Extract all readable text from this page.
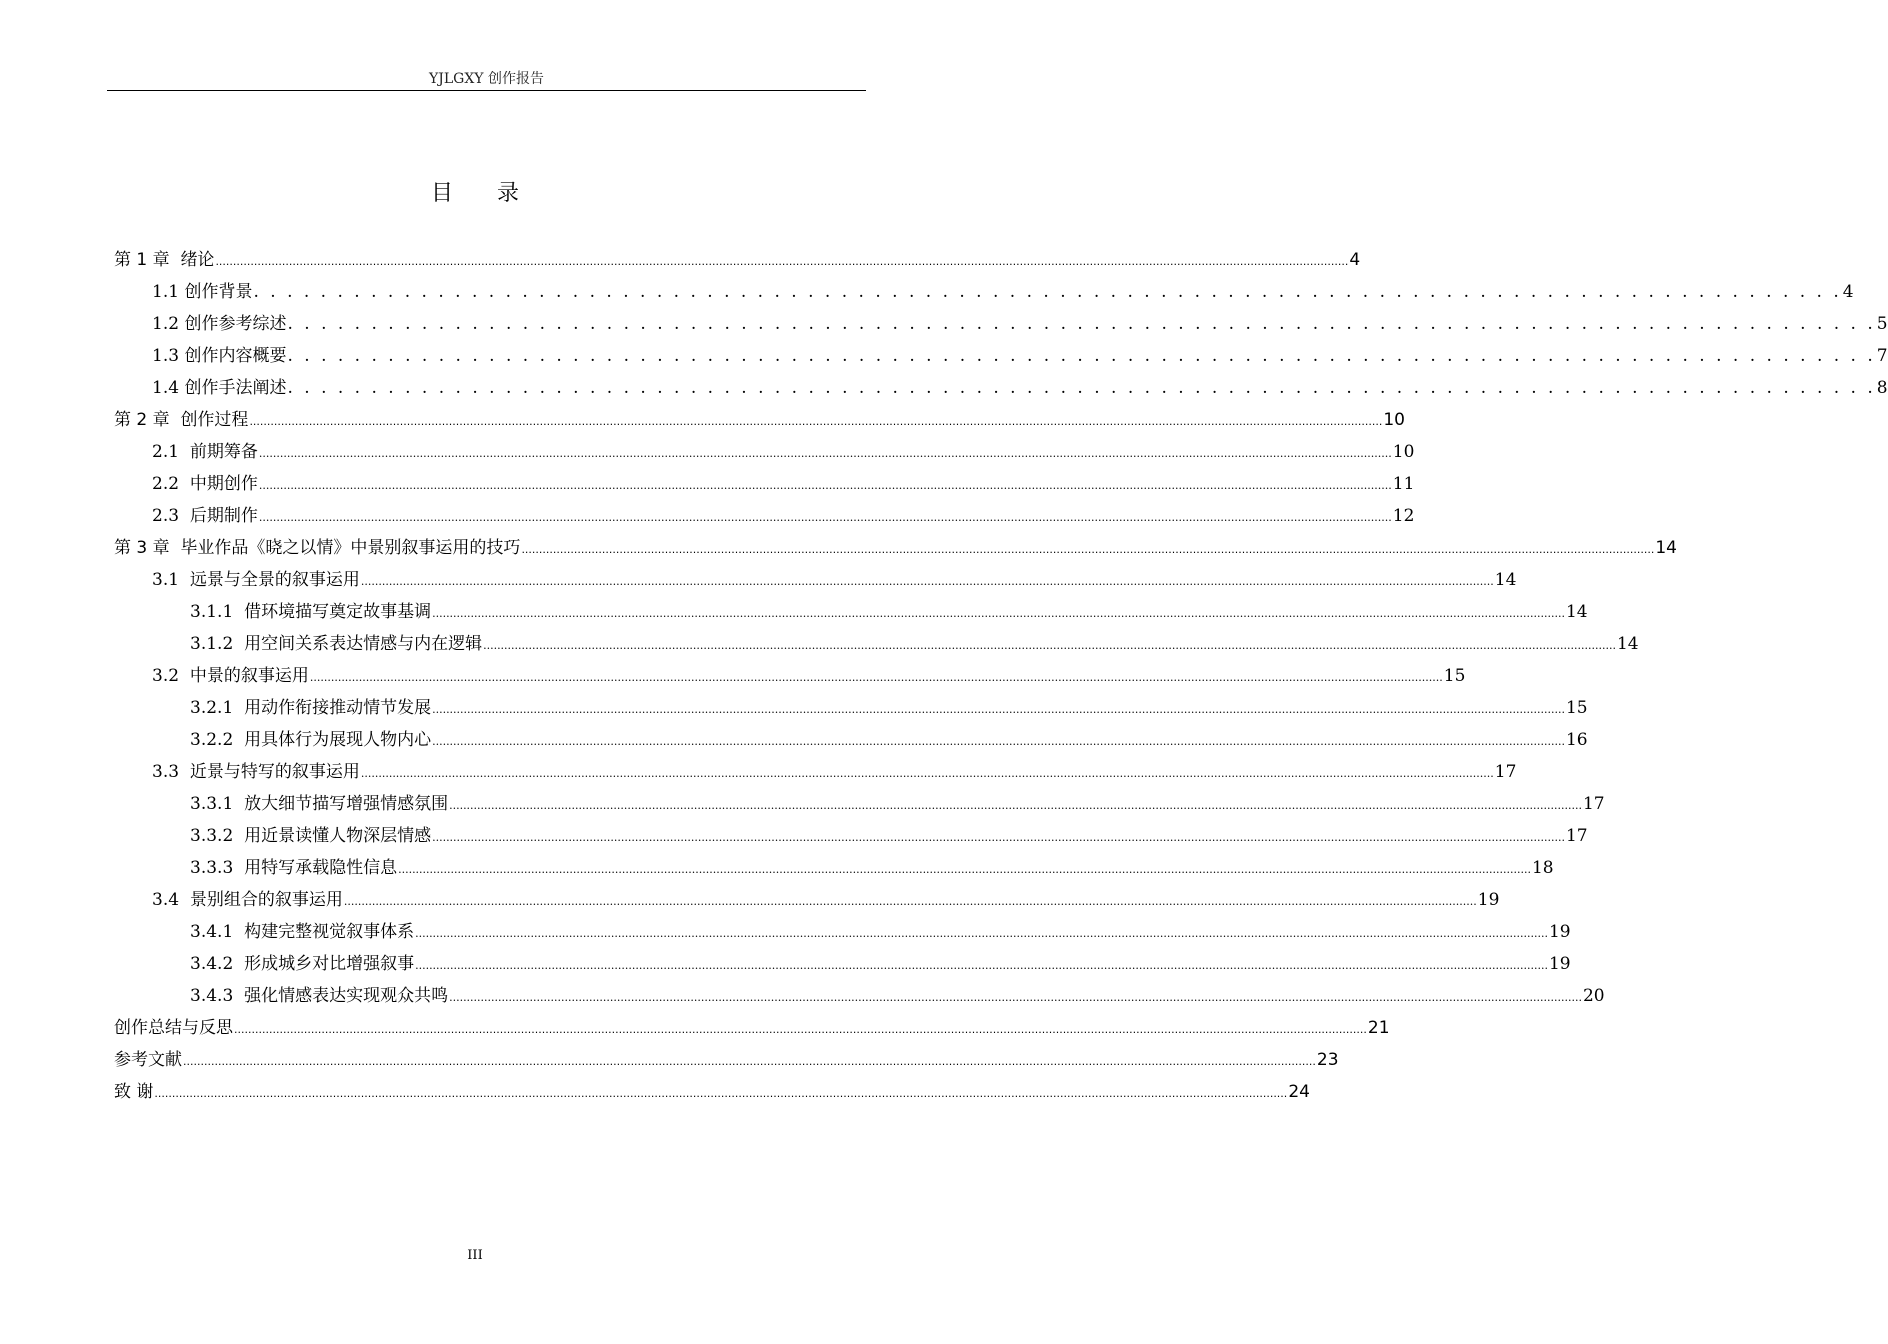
YJLGXY 创作报告
目 录
第 1 章 绪论 .................................................................................................................................................................................................................................................................................................................................... 4
1.1 创作背景 . . . . . . . . . . . . . . . . . . . . . . . . . . . . . . . . . . . . . . . . . . . . . . . . . . . . . . . . . . . . . . . . . . . . . . . . . . . . . . . . . . . . . . . . . . . . . . . 4
1.2 创作参考综述 . . . . . . . . . . . . . . . . . . . . . . . . . . . . . . . . . . . . . . . . . . . . . . . . . . . . . . . . . . . . . . . . . . . . . . . . . . . . . . . . . . . . . . . . . . . . . . . 5
1.3 创作内容概要 . . . . . . . . . . . . . . . . . . . . . . . . . . . . . . . . . . . . . . . . . . . . . . . . . . . . . . . . . . . . . . . . . . . . . . . . . . . . . . . . . . . . . . . . . . . . . . . 7
1.4 创作手法阐述 . . . . . . . . . . . . . . . . . . . . . . . . . . . . . . . . . . . . . . . . . . . . . . . . . . . . . . . . . . . . . . . . . . . . . . . . . . . . . . . . . . . . . . . . . . . . . . . 8
第 2 章 创作过程 .................................................................................................................................................................................................................................................................................................................................... 10
2.1 前期筹备 .................................................................................................................................................................................................................................................................................................................................... 10
2.2 中期创作 .................................................................................................................................................................................................................................................................................................................................... 11
2.3 后期制作 .................................................................................................................................................................................................................................................................................................................................... 12
第 3 章 毕业作品《晓之以情》中景别叙事运用的技巧 .................................................................................................................................................................................................................................................................................................................................... 14
3.1 远景与全景的叙事运用 .................................................................................................................................................................................................................................................................................................................................... 14
3.1.1 借环境描写奠定故事基调 .................................................................................................................................................................................................................................................................................................................................... 14
3.1.2 用空间关系表达情感与内在逻辑 .................................................................................................................................................................................................................................................................................................................................... 14
3.2 中景的叙事运用 .................................................................................................................................................................................................................................................................................................................................... 15
3.2.1 用动作衔接推动情节发展 .................................................................................................................................................................................................................................................................................................................................... 15
3.2.2 用具体行为展现人物内心 .................................................................................................................................................................................................................................................................................................................................... 16
3.3 近景与特写的叙事运用 .................................................................................................................................................................................................................................................................................................................................... 17
3.3.1 放大细节描写增强情感氛围 .................................................................................................................................................................................................................................................................................................................................... 17
3.3.2 用近景读懂人物深层情感 .................................................................................................................................................................................................................................................................................................................................... 17
3.3.3 用特写承载隐性信息 .................................................................................................................................................................................................................................................................................................................................... 18
3.4 景别组合的叙事运用 .................................................................................................................................................................................................................................................................................................................................... 19
3.4.1 构建完整视觉叙事体系 .................................................................................................................................................................................................................................................................................................................................... 19
3.4.2 形成城乡对比增强叙事 .................................................................................................................................................................................................................................................................................................................................... 19
3.4.3 强化情感表达实现观众共鸣 .................................................................................................................................................................................................................................................................................................................................... 20
创作总结与反思 .................................................................................................................................................................................................................................................................................................................................... 21
参考文献 .................................................................................................................................................................................................................................................................................................................................... 23
致 谢 .................................................................................................................................................................................................................................................................................................................................... 24
III
